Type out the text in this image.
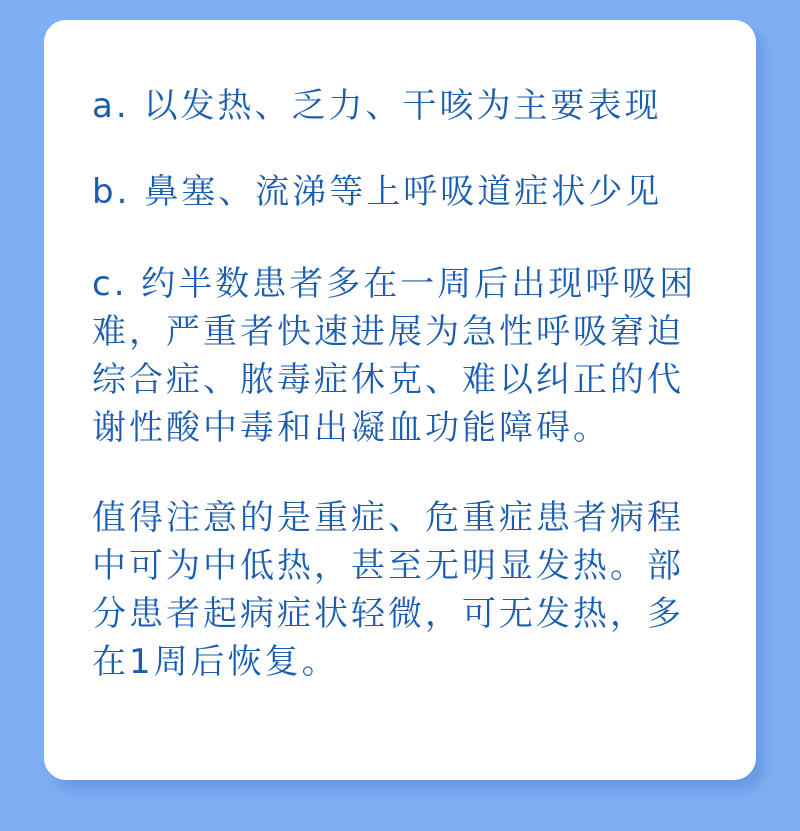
a. 以发热、乏力、干咳为主要表现

b. 鼻塞、流涕等上呼吸道症状少见

c. 约半数患者多在一周后出现呼吸困难，严重者快速进展为急性呼吸窘迫综合症、脓毒症休克、难以纠正的代谢性酸中毒和出凝血功能障碍。

值得注意的是重症、危重症患者病程中可为中低热，甚至无明显发热。部分患者起病症状轻微，可无发热，多在1周后恢复。
